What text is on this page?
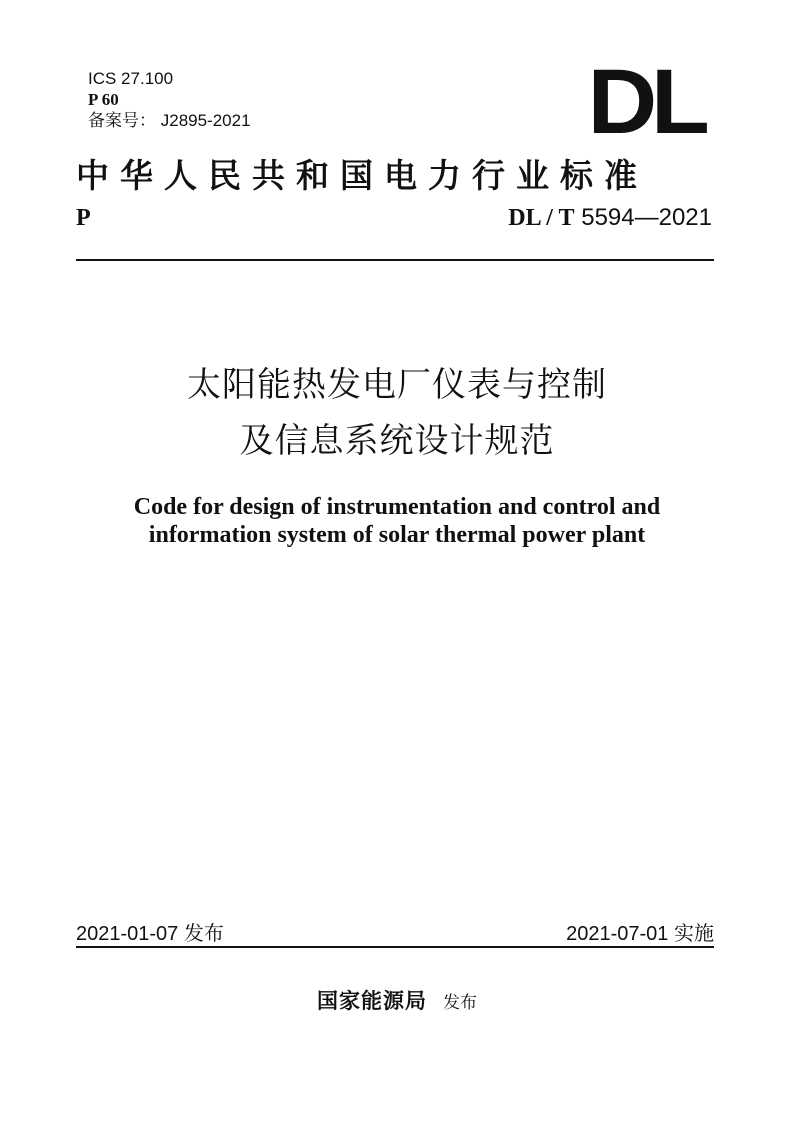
ICS 27.100
P 60
备案号： J2895-2021	DL
中华人民共和国电力行业标准
P	DL / T 5594—2021
太阳能热发电厂仪表与控制
及信息系统设计规范
Code for design of instrumentation and control and
information system of solar thermal power plant
2021-01-07 发布	2021-07-01 实施
国家能源局 发布
